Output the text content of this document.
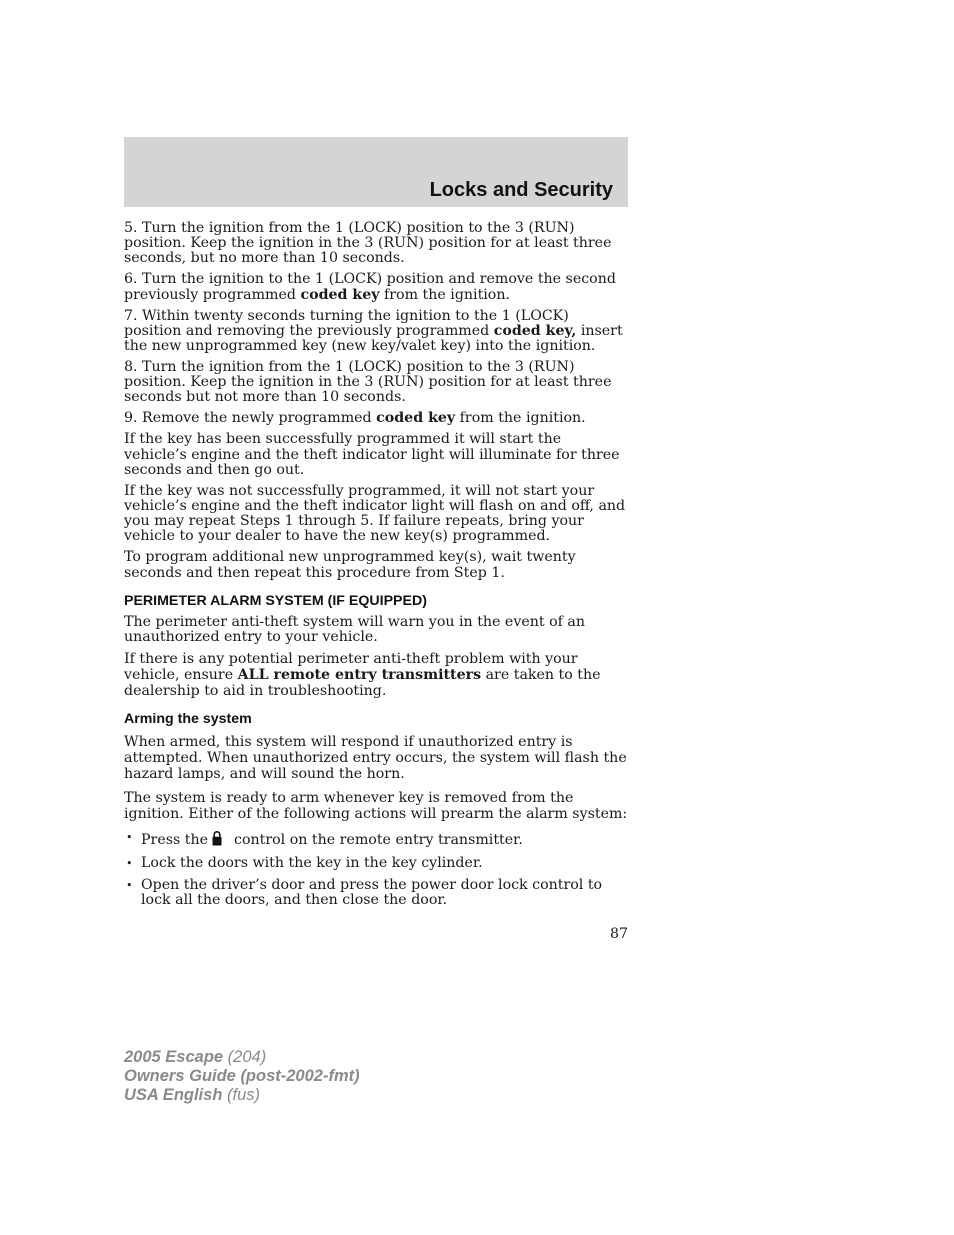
Locks and Security

5. Turn the ignition from the 1 (LOCK) position to the 3 (RUN) position. Keep the ignition in the 3 (RUN) position for at least three seconds, but no more than 10 seconds.

6. Turn the ignition to the 1 (LOCK) position and remove the second previously programmed coded key from the ignition.

7. Within twenty seconds turning the ignition to the 1 (LOCK) position and removing the previously programmed coded key, insert the new unprogrammed key (new key/valet key) into the ignition.

8. Turn the ignition from the 1 (LOCK) position to the 3 (RUN) position. Keep the ignition in the 3 (RUN) position for at least three seconds but not more than 10 seconds.

9. Remove the newly programmed coded key from the ignition.

If the key has been successfully programmed it will start the vehicle’s engine and the theft indicator light will illuminate for three seconds and then go out.

If the key was not successfully programmed, it will not start your vehicle’s engine and the theft indicator light will flash on and off, and you may repeat Steps 1 through 5. If failure repeats, bring your vehicle to your dealer to have the new key(s) programmed.

To program additional new unprogrammed key(s), wait twenty seconds and then repeat this procedure from Step 1.

PERIMETER ALARM SYSTEM (IF EQUIPPED)

The perimeter anti-theft system will warn you in the event of an unauthorized entry to your vehicle.

If there is any potential perimeter anti-theft problem with your vehicle, ensure ALL remote entry transmitters are taken to the dealership to aid in troubleshooting.

Arming the system

When armed, this system will respond if unauthorized entry is attempted. When unauthorized entry occurs, the system will flash the hazard lamps, and will sound the horn.

The system is ready to arm whenever key is removed from the ignition. Either of the following actions will prearm the alarm system:

• Press the control on the remote entry transmitter.
• Lock the doors with the key in the key cylinder.
• Open the driver’s door and press the power door lock control to lock all the doors, and then close the door.
87
2005 Escape (204)
Owners Guide (post-2002-fmt)
USA English (fus)
